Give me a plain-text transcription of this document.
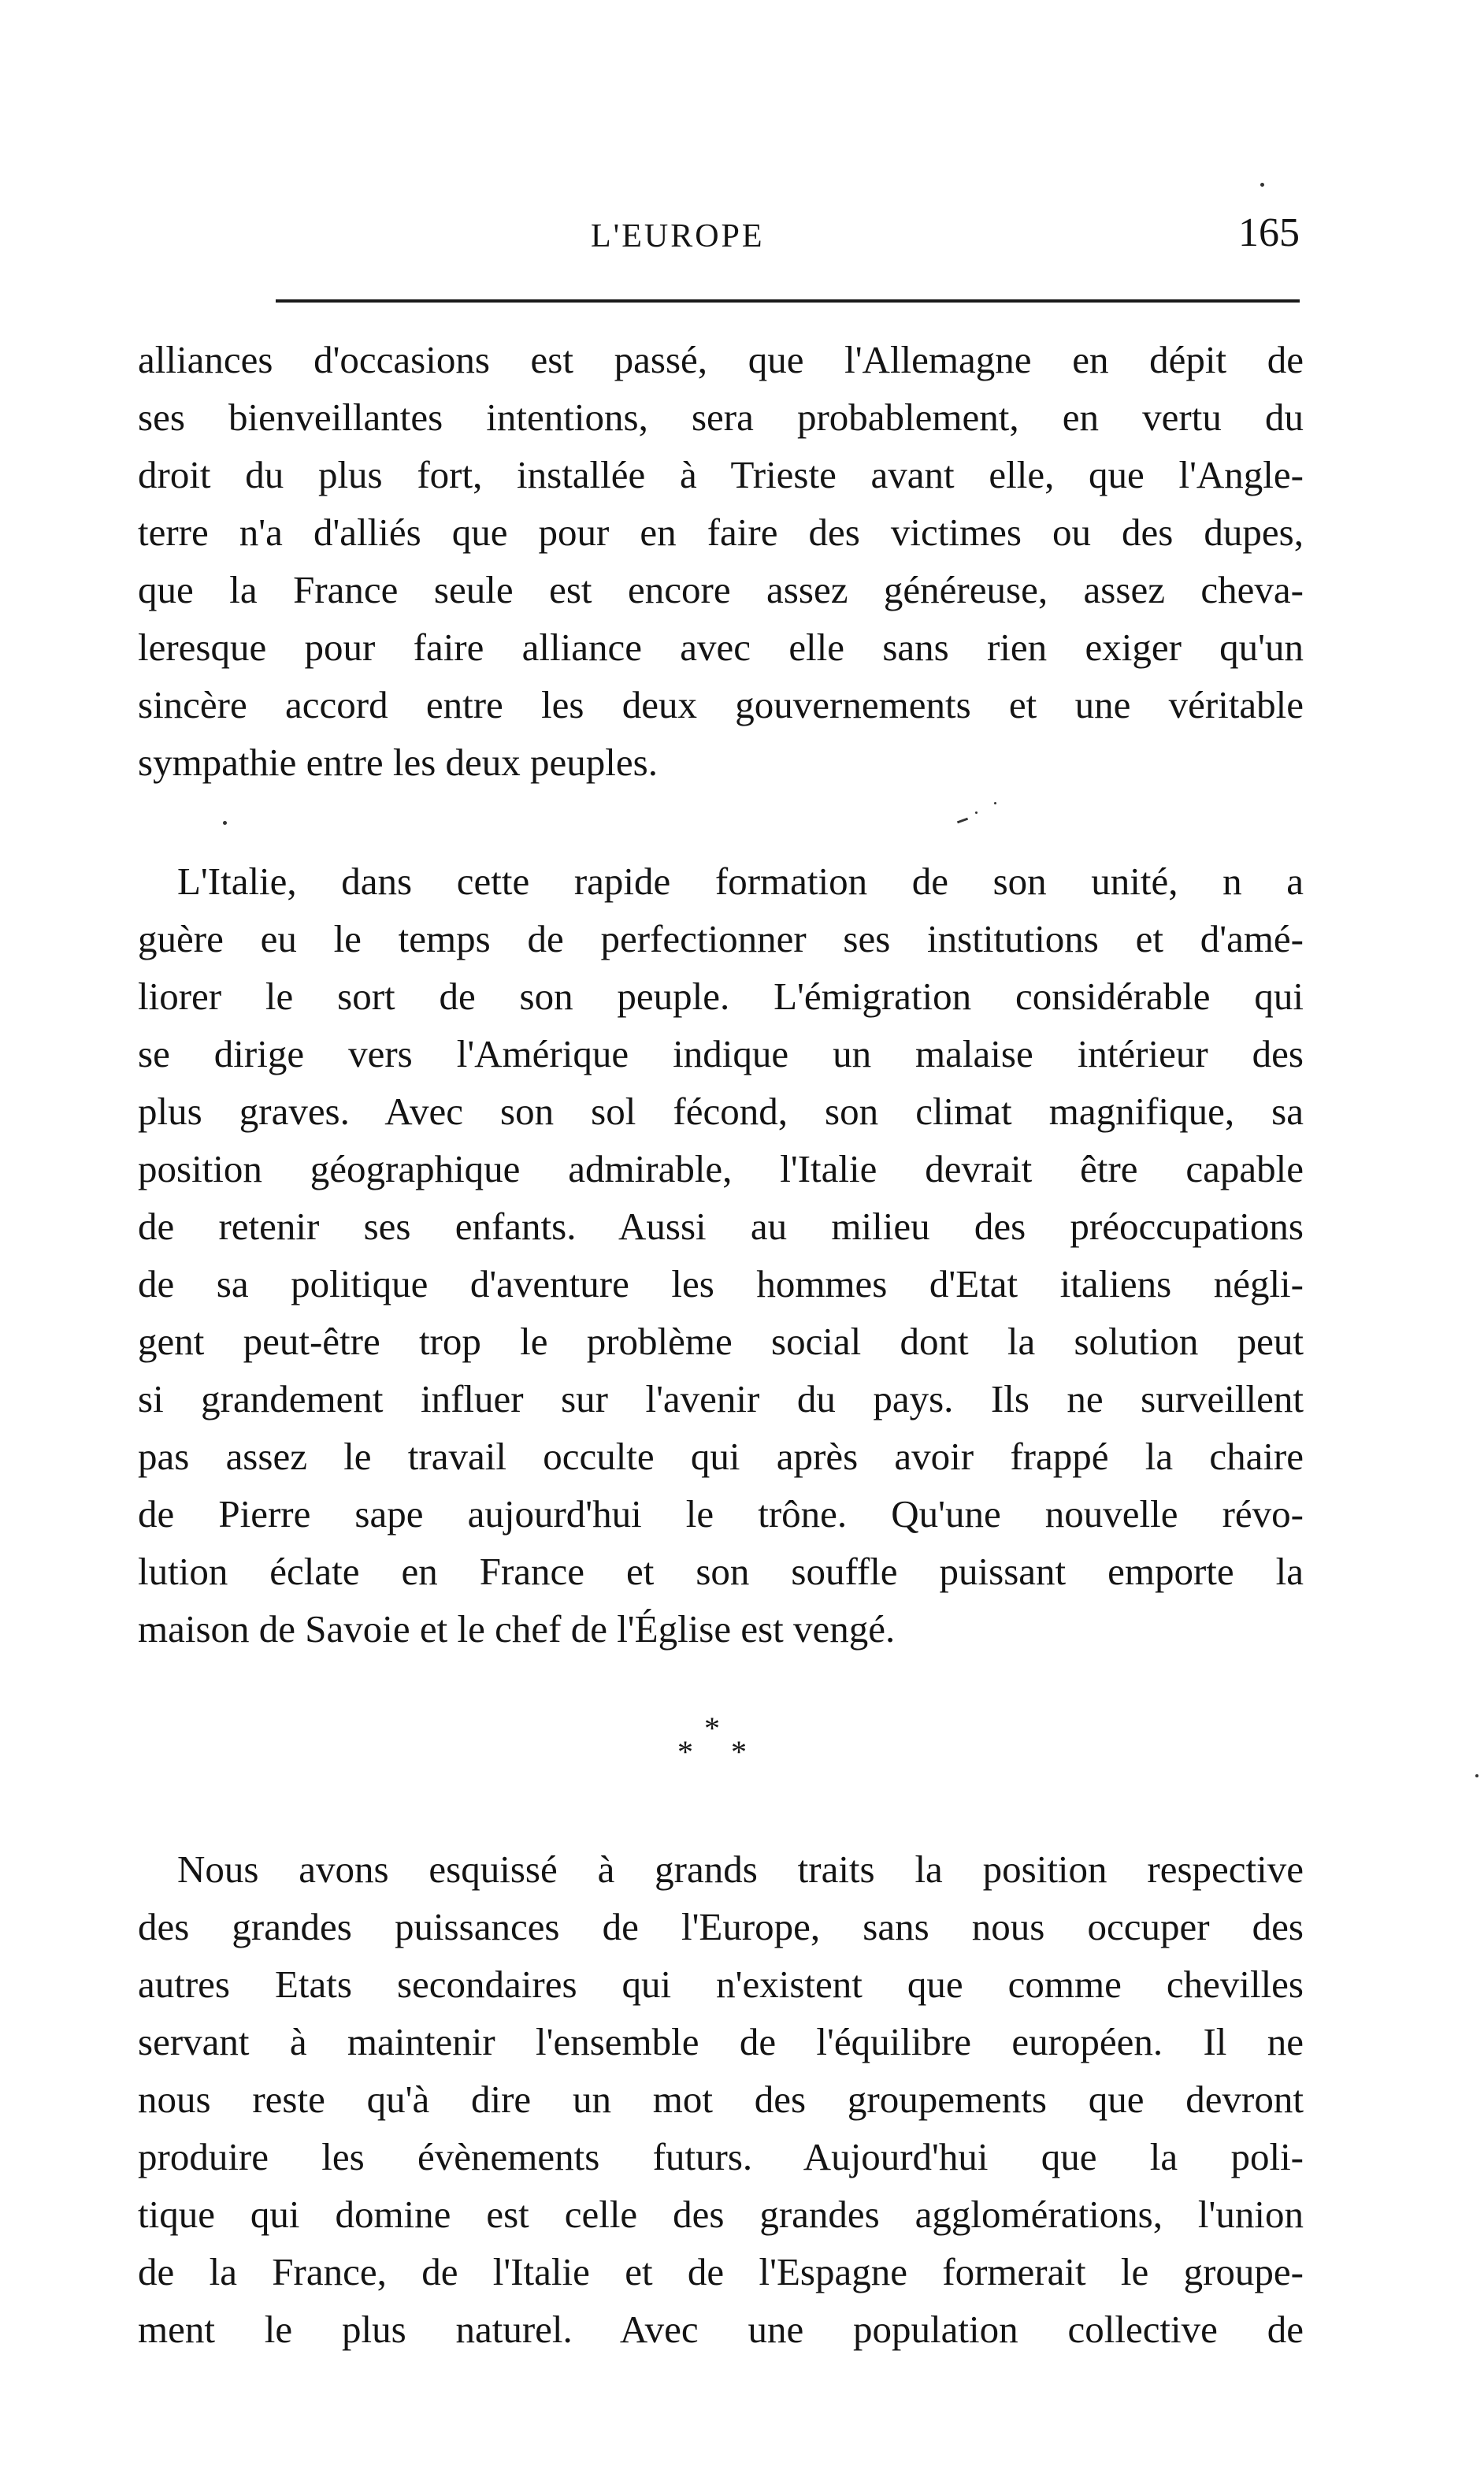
L'EUROPE	165
alliances d'occasions est passé, que l'Allemagne en dépit de
ses bienveillantes intentions, sera probablement, en vertu du
droit du plus fort, installée à Trieste avant elle, que l'Angle-
terre n'a d'alliés que pour en faire des victimes ou des dupes,
que la France seule est encore assez généreuse, assez cheva-
leresque pour faire alliance avec elle sans rien exiger qu'un
sincère accord entre les deux gouvernements et une véritable
sympathie entre les deux peuples.
L'Italie, dans cette rapide formation de son unité, n a
guère eu le temps de perfectionner ses institutions et d'amé-
liorer le sort de son peuple. L'émigration considérable qui
se dirige vers l'Amérique indique un malaise intérieur des
plus graves. Avec son sol fécond, son climat magnifique, sa
position géographique admirable, l'Italie devrait être capable
de retenir ses enfants. Aussi au milieu des préoccupations
de sa politique d'aventure les hommes d'Etat italiens négli-
gent peut-être trop le problème social dont la solution peut
si grandement influer sur l'avenir du pays. Ils ne surveillent
pas assez le travail occulte qui après avoir frappé la chaire
de Pierre sape aujourd'hui le trône. Qu'une nouvelle révo-
lution éclate en France et son souffle puissant emporte la
maison de Savoie et le chef de l'Église est vengé.
*
*
*
Nous avons esquissé à grands traits la position respective
des grandes puissances de l'Europe, sans nous occuper des
autres Etats secondaires qui n'existent que comme chevilles
servant à maintenir l'ensemble de l'équilibre européen. Il ne
nous reste qu'à dire un mot des groupements que devront
produire les évènements futurs. Aujourd'hui que la poli-
tique qui domine est celle des grandes agglomérations, l'union
de la France, de l'Italie et de l'Espagne formerait le groupe-
ment le plus naturel. Avec une population collective de
